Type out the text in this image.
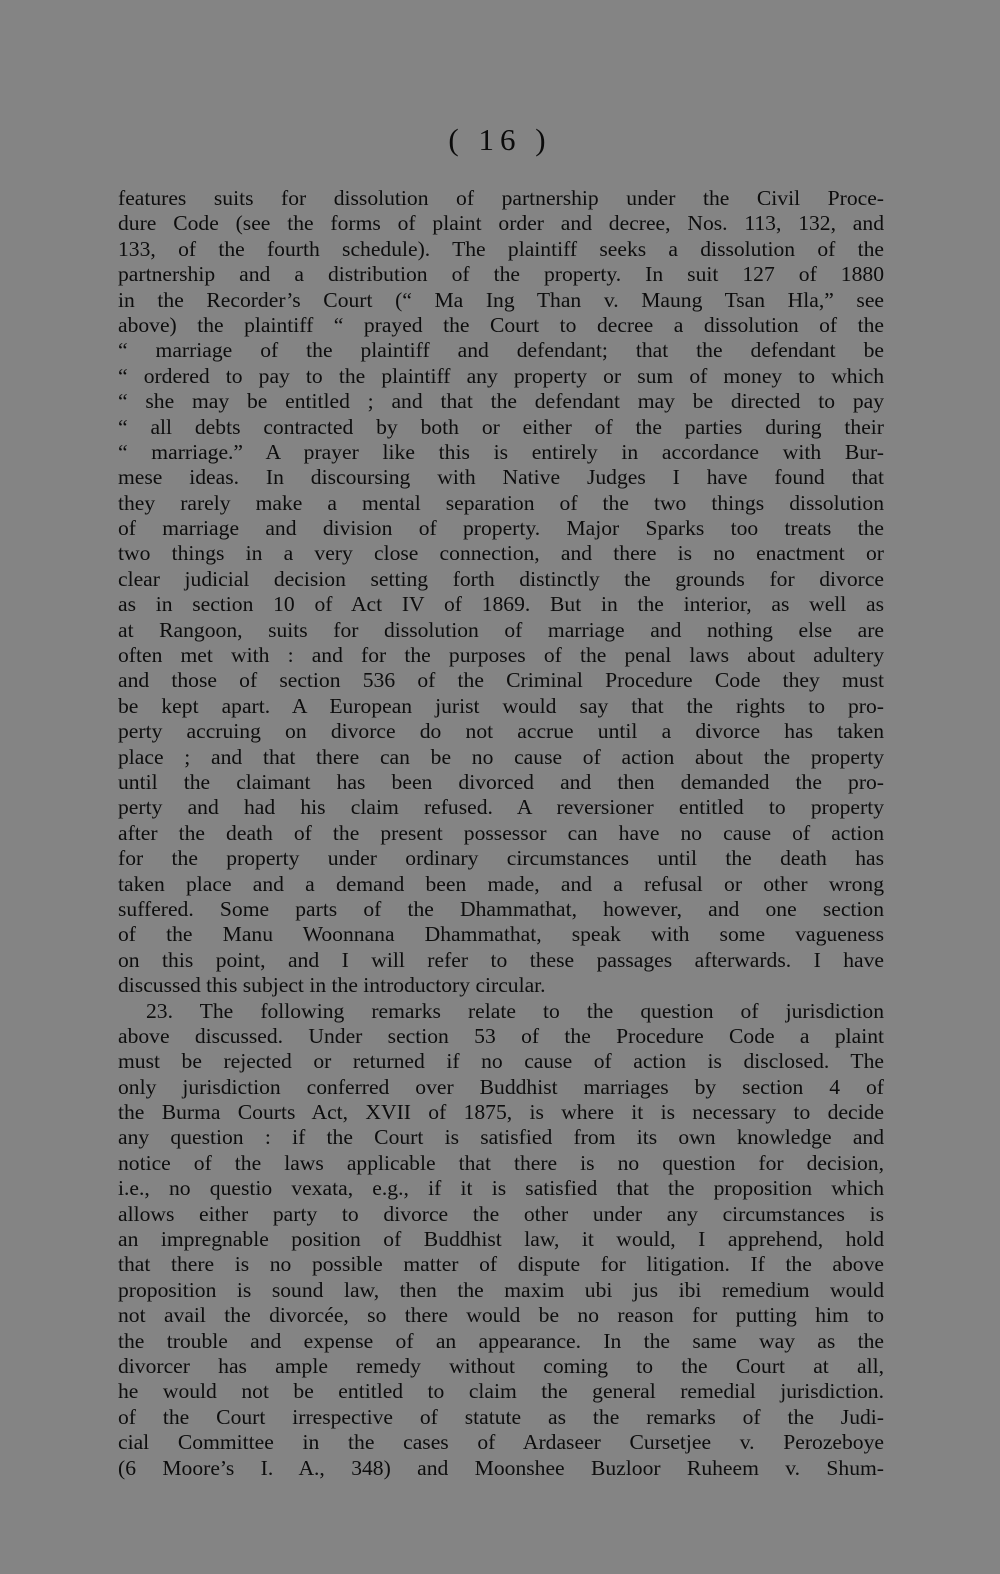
( 16 )
features suits for dissolution of partnership under the Civil Proce-
dure Code (see the forms of plaint order and decree, Nos. 113, 132, and
133, of the fourth schedule). The plaintiff seeks a dissolution of the
partnership and a distribution of the property. In suit 127 of 1880
in the Recorder’s Court (“ Ma Ing Than v. Maung Tsan Hla,” see
above) the plaintiff “ prayed the Court to decree a dissolution of the
“ marriage of the plaintiff and defendant; that the defendant be
“ ordered to pay to the plaintiff any property or sum of money to which
“ she may be entitled ; and that the defendant may be directed to pay
“ all debts contracted by both or either of the parties during their
“ marriage.” A prayer like this is entirely in accordance with Bur-
mese ideas. In discoursing with Native Judges I have found that
they rarely make a mental separation of the two things dissolution
of marriage and division of property. Major Sparks too treats the
two things in a very close connection, and there is no enactment or
clear judicial decision setting forth distinctly the grounds for divorce
as in section 10 of Act IV of 1869. But in the interior, as well as
at Rangoon, suits for dissolution of marriage and nothing else are
often met with : and for the purposes of the penal laws about adultery
and those of section 536 of the Criminal Procedure Code they must
be kept apart. A European jurist would say that the rights to pro-
perty accruing on divorce do not accrue until a divorce has taken
place ; and that there can be no cause of action about the property
until the claimant has been divorced and then demanded the pro-
perty and had his claim refused. A reversioner entitled to property
after the death of the present possessor can have no cause of action
for the property under ordinary circumstances until the death has
taken place and a demand been made, and a refusal or other wrong
suffered. Some parts of the Dhammathat, however, and one section
of the Manu Woonnana Dhammathat, speak with some vagueness
on this point, and I will refer to these passages afterwards. I have
discussed this subject in the introductory circular.
23. The following remarks relate to the question of jurisdiction
above discussed. Under section 53 of the Procedure Code a plaint
must be rejected or returned if no cause of action is disclosed. The
only jurisdiction conferred over Buddhist marriages by section 4 of
the Burma Courts Act, XVII of 1875, is where it is necessary to decide
any question : if the Court is satisfied from its own knowledge and
notice of the laws applicable that there is no question for decision,
i.e., no questio vexata, e.g., if it is satisfied that the proposition which
allows either party to divorce the other under any circumstances is
an impregnable position of Buddhist law, it would, I apprehend, hold
that there is no possible matter of dispute for litigation. If the above
proposition is sound law, then the maxim ubi jus ibi remedium would
not avail the divorcée, so there would be no reason for putting him to
the trouble and expense of an appearance. In the same way as the
divorcer has ample remedy without coming to the Court at all,
he would not be entitled to claim the general remedial jurisdiction.
of the Court irrespective of statute as the remarks of the Judi-
cial Committee in the cases of Ardaseer Cursetjee v. Perozeboye
(6 Moore’s I. A., 348) and Moonshee Buzloor Ruheem v. Shum-
